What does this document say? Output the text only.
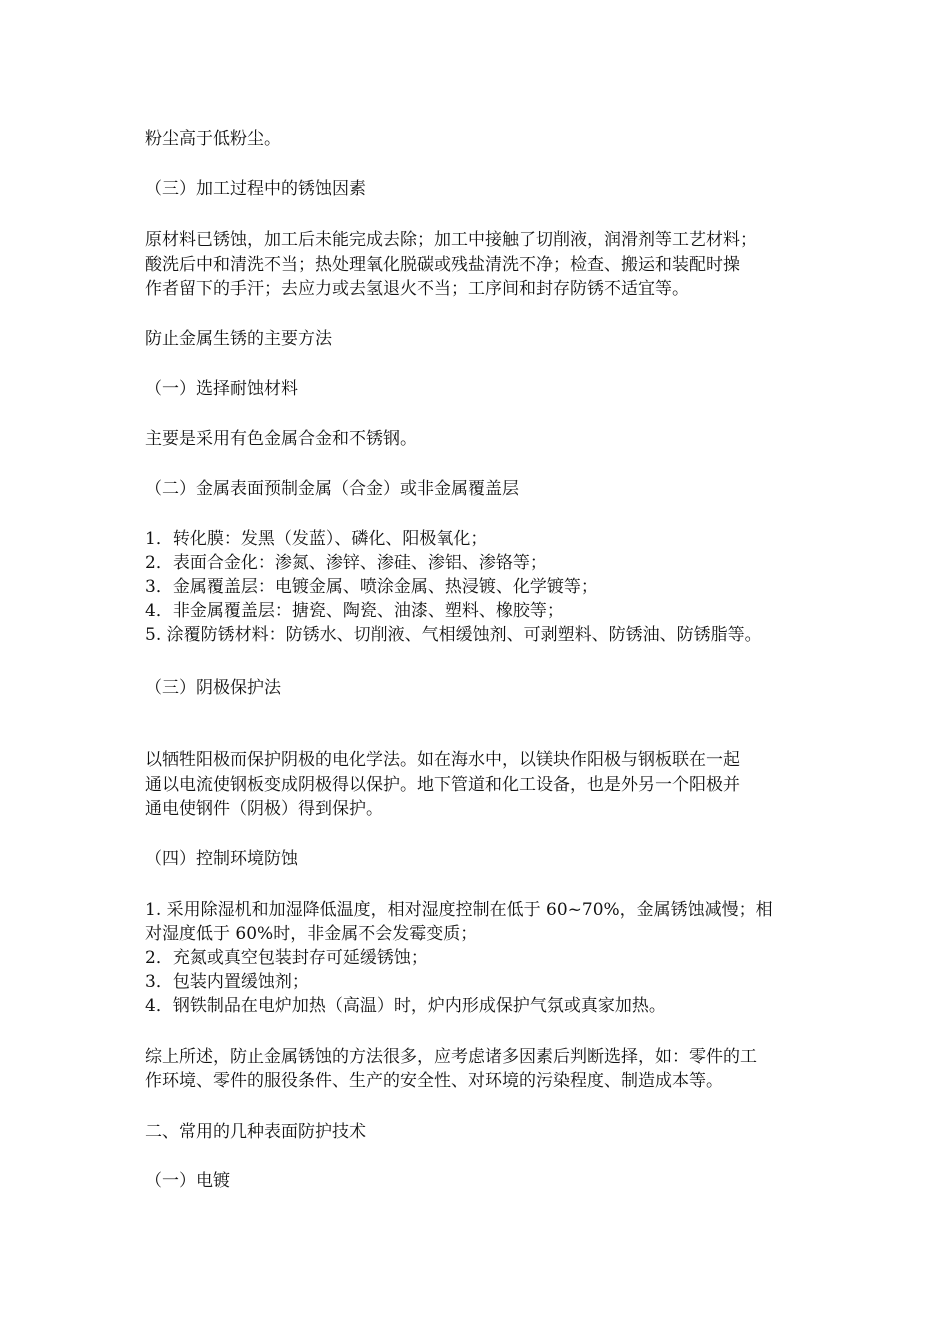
粉尘高于低粉尘。
（三）加工过程中的锈蚀因素
原材料已锈蚀，加工后未能完成去除；加工中接触了切削液，润滑剂等工艺材料；
酸洗后中和清洗不当；热处理氧化脱碳或残盐清洗不净；检查、搬运和装配时操
作者留下的手汗；去应力或去氢退火不当；工序间和封存防锈不适宜等。
防止金属生锈的主要方法
（一）选择耐蚀材料
主要是采用有色金属合金和不锈钢。
（二）金属表面预制金属（合金）或非金属覆盖层
1．转化膜：发黑（发蓝）、磷化、阳极氧化；
2．表面合金化：渗氮、渗锌、渗硅、渗铝、渗铬等；
3．金属覆盖层：电镀金属、喷涂金属、热浸镀、化学镀等；
4．非金属覆盖层：搪瓷、陶瓷、油漆、塑料、橡胶等；
5. 涂覆防锈材料：防锈水、切削液、气相缓蚀剂、可剥塑料、防锈油、防锈脂等。
（三）阴极保护法
以牺牲阳极而保护阴极的电化学法。如在海水中，以镁块作阳极与钢板联在一起
通以电流使钢板变成阴极得以保护。地下管道和化工设备，也是外另一个阳极并
通电使钢件（阴极）得到保护。
（四）控制环境防蚀
1. 采用除湿机和加湿降低温度，相对湿度控制在低于 60~70%，金属锈蚀减慢；相
对湿度低于 60%时，非金属不会发霉变质；
2．充氮或真空包装封存可延缓锈蚀；
3．包装内置缓蚀剂；
4．钢铁制品在电炉加热（高温）时，炉内形成保护气氛或真家加热。
综上所述，防止金属锈蚀的方法很多，应考虑诸多因素后判断选择，如：零件的工
作环境、零件的服役条件、生产的安全性、对环境的污染程度、制造成本等。
二、常用的几种表面防护技术
（一）电镀
